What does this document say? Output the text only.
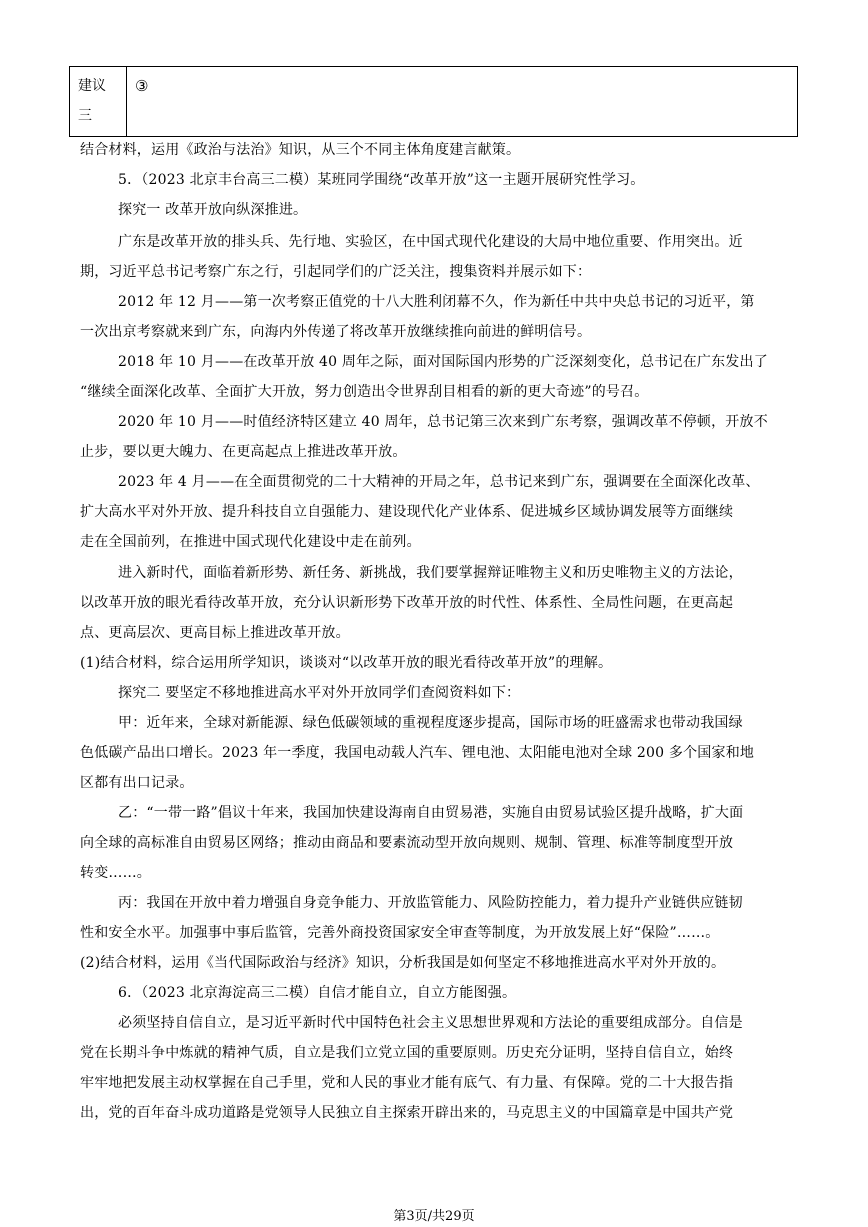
建议
三
③
结合材料，运用《政治与法治》知识，从三个不同主体角度建言献策。
5．（2023 北京丰台高三二模）某班同学围绕“改革开放”这一主题开展研究性学习。
探究一 改革开放向纵深推进。
广东是改革开放的排头兵、先行地、实验区，在中国式现代化建设的大局中地位重要、作用突出。近
期，习近平总书记考察广东之行，引起同学们的广泛关注，搜集资料并展示如下：
2012 年 12 月——第一次考察正值党的十八大胜利闭幕不久，作为新任中共中央总书记的习近平，第
一次出京考察就来到广东，向海内外传递了将改革开放继续推向前进的鲜明信号。
2018 年 10 月——在改革开放 40 周年之际，面对国际国内形势的广泛深刻变化，总书记在广东发出了
“继续全面深化改革、全面扩大开放，努力创造出令世界刮目相看的新的更大奇迹”的号召。
2020 年 10 月——时值经济特区建立 40 周年，总书记第三次来到广东考察，强调改革不停顿，开放不
止步，要以更大魄力、在更高起点上推进改革开放。
2023 年 4 月——在全面贯彻党的二十大精神的开局之年，总书记来到广东，强调要在全面深化改革、
扩大高水平对外开放、提升科技自立自强能力、建设现代化产业体系、促进城乡区域协调发展等方面继续
走在全国前列，在推进中国式现代化建设中走在前列。
进入新时代，面临着新形势、新任务、新挑战，我们要掌握辩证唯物主义和历史唯物主义的方法论，
以改革开放的眼光看待改革开放，充分认识新形势下改革开放的时代性、体系性、全局性问题，在更高起
点、更高层次、更高目标上推进改革开放。
(1)结合材料，综合运用所学知识，谈谈对“以改革开放的眼光看待改革开放”的理解。
探究二 要坚定不移地推进高水平对外开放同学们查阅资料如下：
甲：近年来，全球对新能源、绿色低碳领域的重视程度逐步提高，国际市场的旺盛需求也带动我国绿
色低碳产品出口增长。2023 年一季度，我国电动载人汽车、锂电池、太阳能电池对全球 200 多个国家和地
区都有出口记录。
乙：“一带一路”倡议十年来，我国加快建设海南自由贸易港，实施自由贸易试验区提升战略，扩大面
向全球的高标准自由贸易区网络；推动由商品和要素流动型开放向规则、规制、管理、标准等制度型开放
转变……。
丙：我国在开放中着力增强自身竞争能力、开放监管能力、风险防控能力，着力提升产业链供应链韧
性和安全水平。加强事中事后监管，完善外商投资国家安全审查等制度，为开放发展上好“保险”……。
(2)结合材料，运用《当代国际政治与经济》知识，分析我国是如何坚定不移地推进高水平对外开放的。
6．（2023 北京海淀高三二模）自信才能自立，自立方能图强。
必须坚持自信自立，是习近平新时代中国特色社会主义思想世界观和方法论的重要组成部分。自信是
党在长期斗争中炼就的精神气质，自立是我们立党立国的重要原则。历史充分证明，坚持自信自立，始终
牢牢地把发展主动权掌握在自己手里，党和人民的事业才能有底气、有力量、有保障。党的二十大报告指
出，党的百年奋斗成功道路是党领导人民独立自主探索开辟出来的，马克思主义的中国篇章是中国共产党
第3页/共29页
